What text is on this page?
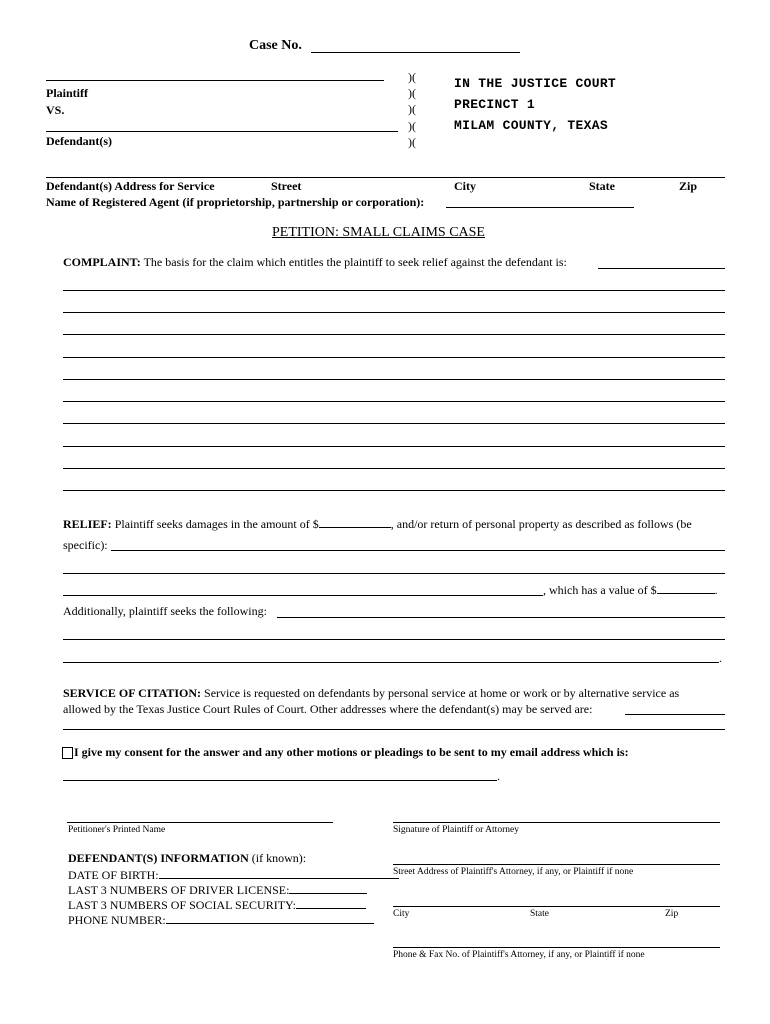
Case No.
Plaintiff
VS.
Defendant(s)
)(
)(
)(
)(
)(
IN THE JUSTICE COURT
PRECINCT 1
MILAM COUNTY, TEXAS
Defendant(s) Address for Service	Street	City	State	Zip
Name of Registered Agent (if proprietorship, partnership or corporation):
PETITION: SMALL CLAIMS CASE
COMPLAINT: The basis for the claim which entitles the plaintiff to seek relief against the defendant is:
RELIEF: Plaintiff seeks damages in the amount of $	, and/or return of personal property as described as follows (be
specific):
, which has a value of $	.
Additionally, plaintiff seeks the following:
.
SERVICE OF CITATION: Service is requested on defendants by personal service at home or work or by alternative service as
allowed by the Texas Justice Court Rules of Court. Other addresses where the defendant(s) may be served are:
I give my consent for the answer and any other motions or pleadings to be sent to my email address which is:
.
Petitioner's Printed Name	Signature of Plaintiff or Attorney
Street Address of Plaintiff's Attorney, if any, or Plaintiff if none
City	State	Zip
Phone & Fax No. of Plaintiff's Attorney, if any, or Plaintiff if none
DEFENDANT(S) INFORMATION (if known):
DATE OF BIRTH:
LAST 3 NUMBERS OF DRIVER LICENSE:
LAST 3 NUMBERS OF SOCIAL SECURITY:
PHONE NUMBER:
